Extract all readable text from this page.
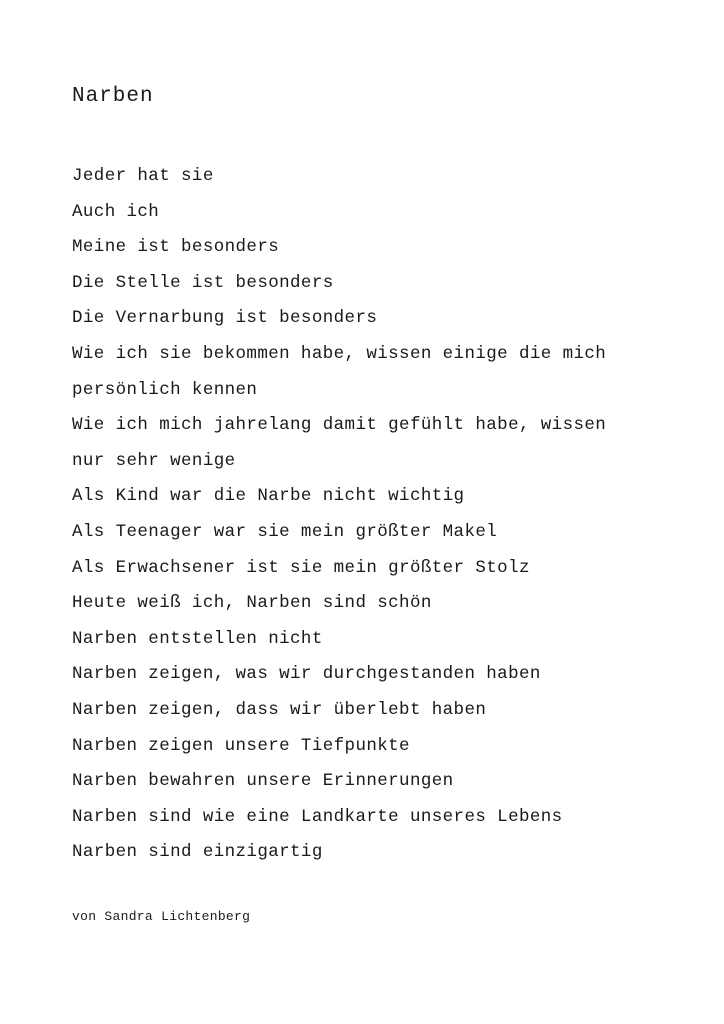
Narben
Jeder hat sie
Auch ich
Meine ist besonders
Die Stelle ist besonders
Die Vernarbung ist besonders
Wie ich sie bekommen habe, wissen einige die mich
persönlich kennen
Wie ich mich jahrelang damit gefühlt habe, wissen
nur sehr wenige
Als Kind war die Narbe nicht wichtig
Als Teenager war sie mein größter Makel
Als Erwachsener ist sie mein größter Stolz
Heute weiß ich, Narben sind schön
Narben entstellen nicht
Narben zeigen, was wir durchgestanden haben
Narben zeigen, dass wir überlebt haben
Narben zeigen unsere Tiefpunkte
Narben bewahren unsere Erinnerungen
Narben sind wie eine Landkarte unseres Lebens
Narben sind einzigartig

von Sandra Lichtenberg
